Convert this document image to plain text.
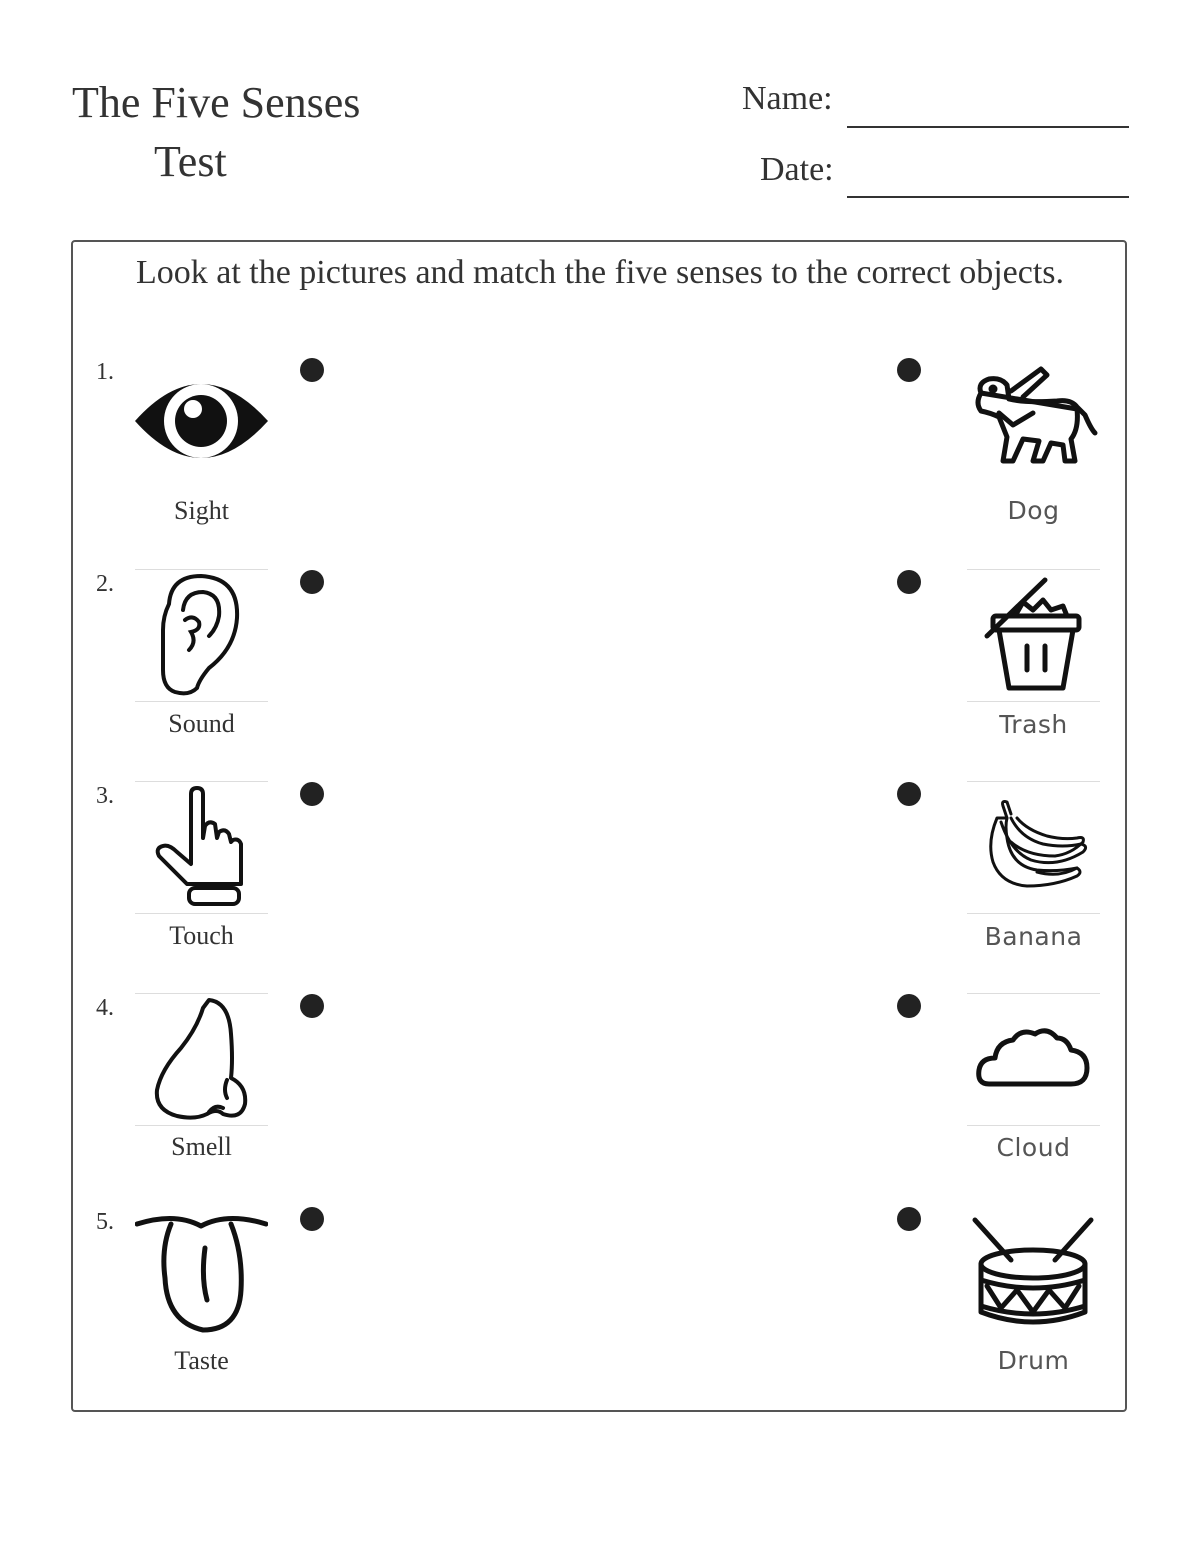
The Five Senses
Test
Name:
Date:
Look at the pictures and match the five senses to the correct objects.
1.
Sight	Dog
2.
Sound	Trash
3.
Touch	Banana
4.
Smell	Cloud
5.
Taste	Drum
